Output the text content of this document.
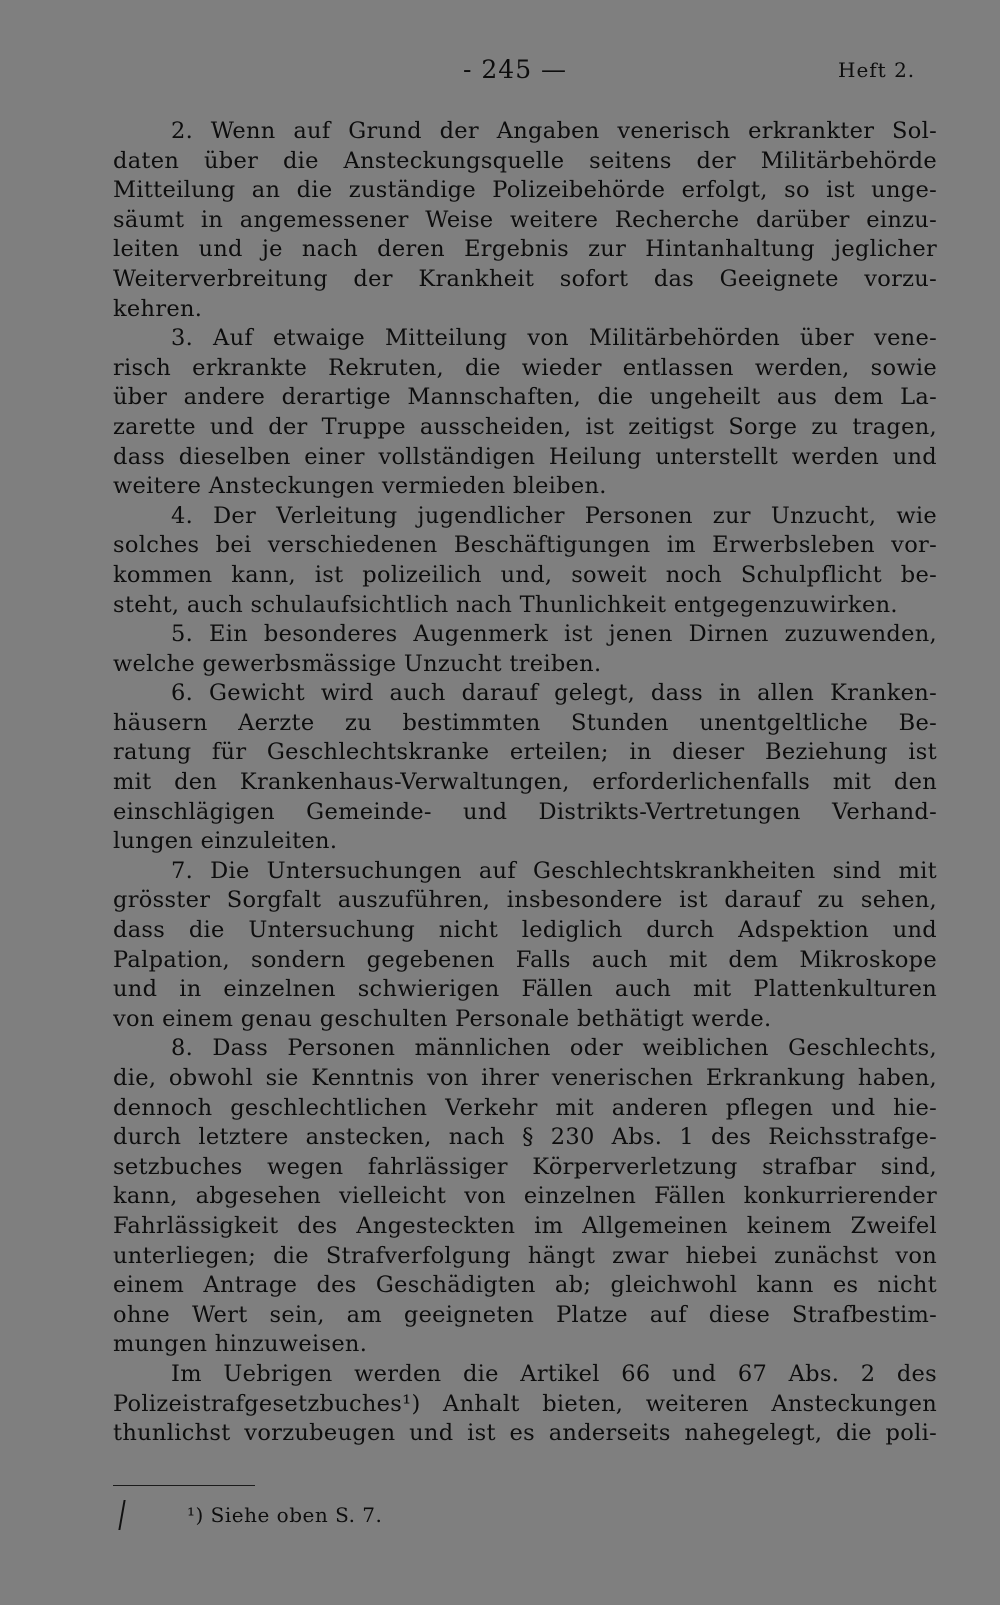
- 245 —	Heft 2.
2. Wenn auf Grund der Angaben venerisch erkrankter Sol-
daten über die Ansteckungsquelle seitens der Militärbehörde
Mitteilung an die zuständige Polizeibehörde erfolgt, so ist unge-
säumt in angemessener Weise weitere Recherche darüber einzu-
leiten und je nach deren Ergebnis zur Hintanhaltung jeglicher
Weiterverbreitung der Krankheit sofort das Geeignete vorzu-
kehren.
3. Auf etwaige Mitteilung von Militärbehörden über vene-
risch erkrankte Rekruten, die wieder entlassen werden, sowie
über andere derartige Mannschaften, die ungeheilt aus dem La-
zarette und der Truppe ausscheiden, ist zeitigst Sorge zu tragen,
dass dieselben einer vollständigen Heilung unterstellt werden und
weitere Ansteckungen vermieden bleiben.
4. Der Verleitung jugendlicher Personen zur Unzucht, wie
solches bei verschiedenen Beschäftigungen im Erwerbsleben vor-
kommen kann, ist polizeilich und, soweit noch Schulpflicht be-
steht, auch schulaufsichtlich nach Thunlichkeit entgegenzuwirken.
5. Ein besonderes Augenmerk ist jenen Dirnen zuzuwenden,
welche gewerbsmässige Unzucht treiben.
6. Gewicht wird auch darauf gelegt, dass in allen Kranken-
häusern Aerzte zu bestimmten Stunden unentgeltliche Be-
ratung für Geschlechtskranke erteilen; in dieser Beziehung ist
mit den Krankenhaus-Verwaltungen, erforderlichenfalls mit den
einschlägigen Gemeinde- und Distrikts-Vertretungen Verhand-
lungen einzuleiten.
7. Die Untersuchungen auf Geschlechtskrankheiten sind mit
grösster Sorgfalt auszuführen, insbesondere ist darauf zu sehen,
dass die Untersuchung nicht lediglich durch Adspektion und
Palpation, sondern gegebenen Falls auch mit dem Mikroskope
und in einzelnen schwierigen Fällen auch mit Plattenkulturen
von einem genau geschulten Personale bethätigt werde.
8. Dass Personen männlichen oder weiblichen Geschlechts,
die, obwohl sie Kenntnis von ihrer venerischen Erkrankung haben,
dennoch geschlechtlichen Verkehr mit anderen pflegen und hie-
durch letztere anstecken, nach § 230 Abs. 1 des Reichsstrafge-
setzbuches wegen fahrlässiger Körperverletzung strafbar sind,
kann, abgesehen vielleicht von einzelnen Fällen konkurrierender
Fahrlässigkeit des Angesteckten im Allgemeinen keinem Zweifel
unterliegen; die Strafverfolgung hängt zwar hiebei zunächst von
einem Antrage des Geschädigten ab; gleichwohl kann es nicht
ohne Wert sein, am geeigneten Platze auf diese Strafbestim-
mungen hinzuweisen.
Im Uebrigen werden die Artikel 66 und 67 Abs. 2 des
Polizeistrafgesetzbuches¹) Anhalt bieten, weiteren Ansteckungen
thunlichst vorzubeugen und ist es anderseits nahegelegt, die poli-
¹) Siehe oben S. 7.
